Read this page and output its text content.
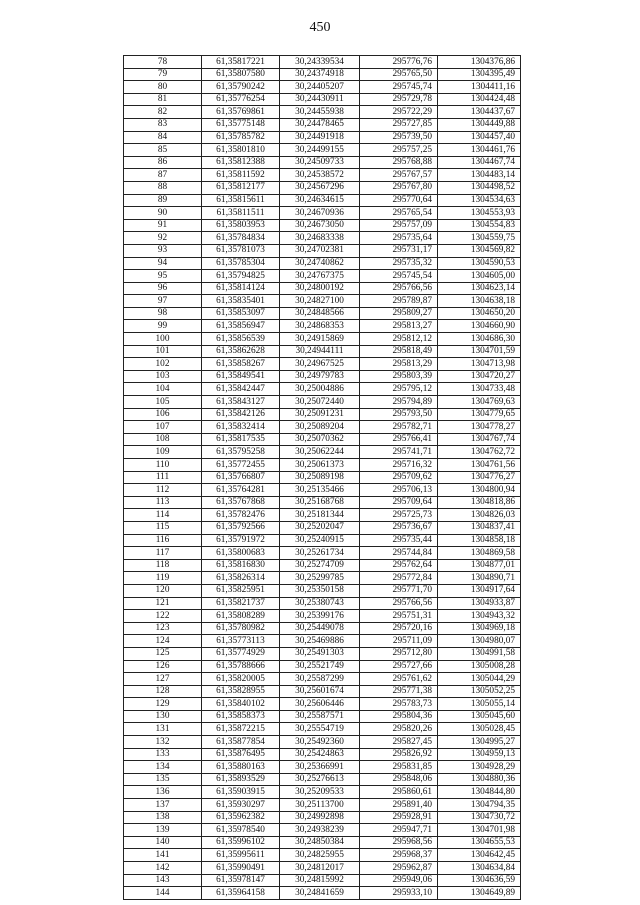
450
78	61,35817221	30,24339534	295776,76	1304376,86
79	61,35807580	30,24374918	295765,50	1304395,49
80	61,35790242	30,24405207	295745,74	1304411,16
81	61,35776254	30,24430911	295729,78	1304424,48
82	61,35769861	30,24455938	295722,29	1304437,67
83	61,35775148	30,24478465	295727,85	1304449,88
84	61,35785782	30,24491918	295739,50	1304457,40
85	61,35801810	30,24499155	295757,25	1304461,76
86	61,35812388	30,24509733	295768,88	1304467,74
87	61,35811592	30,24538572	295767,57	1304483,14
88	61,35812177	30,24567296	295767,80	1304498,52
89	61,35815611	30,24634615	295770,64	1304534,63
90	61,35811511	30,24670936	295765,54	1304553,93
91	61,35803953	30,24673050	295757,09	1304554,83
92	61,35784834	30,24683338	295735,64	1304559,75
93	61,35781073	30,24702381	295731,17	1304569,82
94	61,35785304	30,24740862	295735,32	1304590,53
95	61,35794825	30,24767375	295745,54	1304605,00
96	61,35814124	30,24800192	295766,56	1304623,14
97	61,35835401	30,24827100	295789,87	1304638,18
98	61,35853097	30,24848566	295809,27	1304650,20
99	61,35856947	30,24868353	295813,27	1304660,90
100	61,35856539	30,24915869	295812,12	1304686,30
101	61,35862628	30,24944111	295818,49	1304701,59
102	61,35858267	30,24967525	295813,29	1304713,98
103	61,35849541	30,24979783	295803,39	1304720,27
104	61,35842447	30,25004886	295795,12	1304733,48
105	61,35843127	30,25072440	295794,89	1304769,63
106	61,35842126	30,25091231	295793,50	1304779,65
107	61,35832414	30,25089204	295782,71	1304778,27
108	61,35817535	30,25070362	295766,41	1304767,74
109	61,35795258	30,25062244	295741,71	1304762,72
110	61,35772455	30,25061373	295716,32	1304761,56
111	61,35766807	30,25089198	295709,62	1304776,27
112	61,35764281	30,25135466	295706,13	1304800,94
113	61,35767868	30,25168768	295709,64	1304818,86
114	61,35782476	30,25181344	295725,73	1304826,03
115	61,35792566	30,25202047	295736,67	1304837,41
116	61,35791972	30,25240915	295735,44	1304858,18
117	61,35800683	30,25261734	295744,84	1304869,58
118	61,35816830	30,25274709	295762,64	1304877,01
119	61,35826314	30,25299785	295772,84	1304890,71
120	61,35825951	30,25350158	295771,70	1304917,64
121	61,35821737	30,25380743	295766,56	1304933,87
122	61,35808289	30,25399176	295751,31	1304943,32
123	61,35780982	30,25449078	295720,16	1304969,18
124	61,35773113	30,25469886	295711,09	1304980,07
125	61,35774929	30,25491303	295712,80	1304991,58
126	61,35788666	30,25521749	295727,66	1305008,28
127	61,35820005	30,25587299	295761,62	1305044,29
128	61,35828955	30,25601674	295771,38	1305052,25
129	61,35840102	30,25606446	295783,73	1305055,14
130	61,35858373	30,25587571	295804,36	1305045,60
131	61,35872215	30,25554719	295820,26	1305028,45
132	61,35877854	30,25492360	295827,45	1304995,27
133	61,35876495	30,25424863	295826,92	1304959,13
134	61,35880163	30,25366991	295831,85	1304928,29
135	61,35893529	30,25276613	295848,06	1304880,36
136	61,35903915	30,25209533	295860,61	1304844,80
137	61,35930297	30,25113700	295891,40	1304794,35
138	61,35962382	30,24992898	295928,91	1304730,72
139	61,35978540	30,24938239	295947,71	1304701,98
140	61,35996102	30,24850384	295968,56	1304655,53
141	61,35995611	30,24825955	295968,37	1304642,45
142	61,35990491	30,24812017	295962,87	1304634,84
143	61,35978147	30,24815992	295949,06	1304636,59
144	61,35964158	30,24841659	295933,10	1304649,89
